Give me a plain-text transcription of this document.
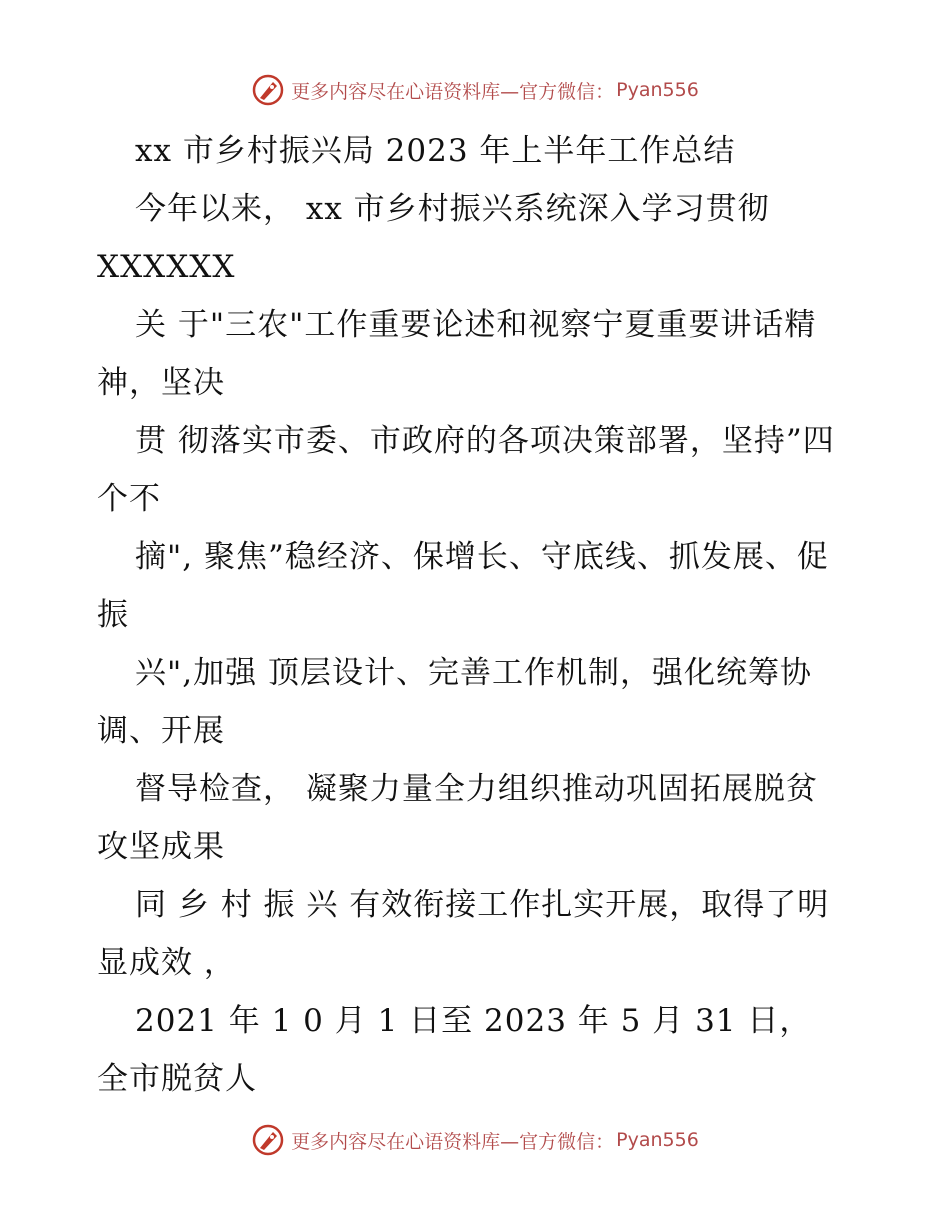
更多内容尽在心语资料库—官方微信： Pyan556

xx 市乡村振兴局 2023 年上半年工作总结

今年以来， xx 市乡村振兴系统深入学习贯彻 XXXXXX

关 于"三农"工作重要论述和视察宁夏重要讲话精神，坚决

贯 彻落实市委、市政府的各项决策部署，坚持”四个不

摘", 聚焦”稳经济、保增长、守底线、抓发展、促振

兴",加强 顶层设计、完善工作机制，强化统筹协调、开展

督导检查， 凝聚力量全力组织推动巩固拓展脱贫攻坚成果

同 乡 村 振 兴 有效衔接工作扎实开展，取得了明显成效 ，

2021 年 1 0 月 1 日至 2023 年 5 月 31 日，全市脱贫人

更多内容尽在心语资料库—官方微信： Pyan556
